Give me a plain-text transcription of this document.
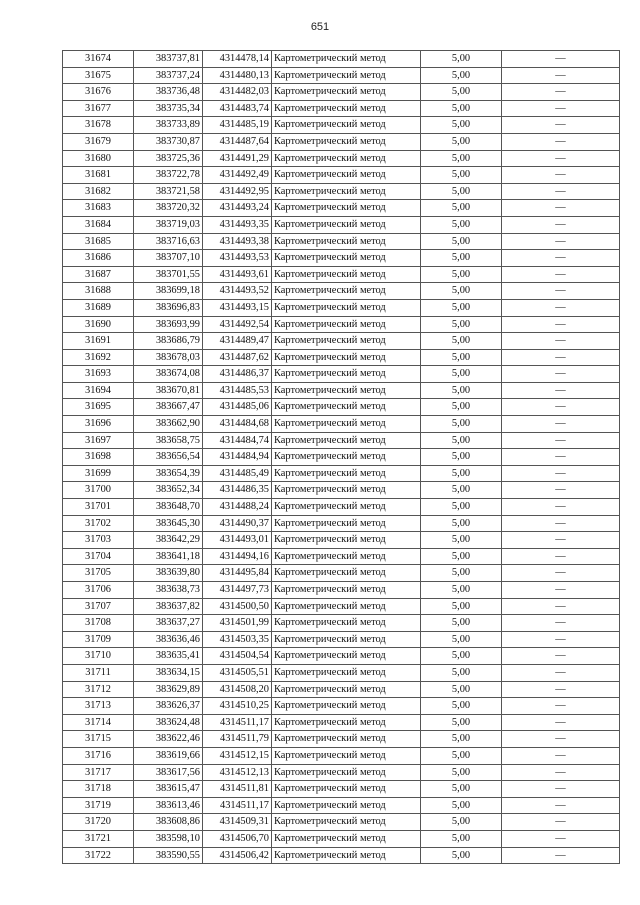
651
31674	383737,81	4314478,14	Картометрический метод	5,00	—
31675	383737,24	4314480,13	Картометрический метод	5,00	—
31676	383736,48	4314482,03	Картометрический метод	5,00	—
31677	383735,34	4314483,74	Картометрический метод	5,00	—
31678	383733,89	4314485,19	Картометрический метод	5,00	—
31679	383730,87	4314487,64	Картометрический метод	5,00	—
31680	383725,36	4314491,29	Картометрический метод	5,00	—
31681	383722,78	4314492,49	Картометрический метод	5,00	—
31682	383721,58	4314492,95	Картометрический метод	5,00	—
31683	383720,32	4314493,24	Картометрический метод	5,00	—
31684	383719,03	4314493,35	Картометрический метод	5,00	—
31685	383716,63	4314493,38	Картометрический метод	5,00	—
31686	383707,10	4314493,53	Картометрический метод	5,00	—
31687	383701,55	4314493,61	Картометрический метод	5,00	—
31688	383699,18	4314493,52	Картометрический метод	5,00	—
31689	383696,83	4314493,15	Картометрический метод	5,00	—
31690	383693,99	4314492,54	Картометрический метод	5,00	—
31691	383686,79	4314489,47	Картометрический метод	5,00	—
31692	383678,03	4314487,62	Картометрический метод	5,00	—
31693	383674,08	4314486,37	Картометрический метод	5,00	—
31694	383670,81	4314485,53	Картометрический метод	5,00	—
31695	383667,47	4314485,06	Картометрический метод	5,00	—
31696	383662,90	4314484,68	Картометрический метод	5,00	—
31697	383658,75	4314484,74	Картометрический метод	5,00	—
31698	383656,54	4314484,94	Картометрический метод	5,00	—
31699	383654,39	4314485,49	Картометрический метод	5,00	—
31700	383652,34	4314486,35	Картометрический метод	5,00	—
31701	383648,70	4314488,24	Картометрический метод	5,00	—
31702	383645,30	4314490,37	Картометрический метод	5,00	—
31703	383642,29	4314493,01	Картометрический метод	5,00	—
31704	383641,18	4314494,16	Картометрический метод	5,00	—
31705	383639,80	4314495,84	Картометрический метод	5,00	—
31706	383638,73	4314497,73	Картометрический метод	5,00	—
31707	383637,82	4314500,50	Картометрический метод	5,00	—
31708	383637,27	4314501,99	Картометрический метод	5,00	—
31709	383636,46	4314503,35	Картометрический метод	5,00	—
31710	383635,41	4314504,54	Картометрический метод	5,00	—
31711	383634,15	4314505,51	Картометрический метод	5,00	—
31712	383629,89	4314508,20	Картометрический метод	5,00	—
31713	383626,37	4314510,25	Картометрический метод	5,00	—
31714	383624,48	4314511,17	Картометрический метод	5,00	—
31715	383622,46	4314511,79	Картометрический метод	5,00	—
31716	383619,66	4314512,15	Картометрический метод	5,00	—
31717	383617,56	4314512,13	Картометрический метод	5,00	—
31718	383615,47	4314511,81	Картометрический метод	5,00	—
31719	383613,46	4314511,17	Картометрический метод	5,00	—
31720	383608,86	4314509,31	Картометрический метод	5,00	—
31721	383598,10	4314506,70	Картометрический метод	5,00	—
31722	383590,55	4314506,42	Картометрический метод	5,00	—
